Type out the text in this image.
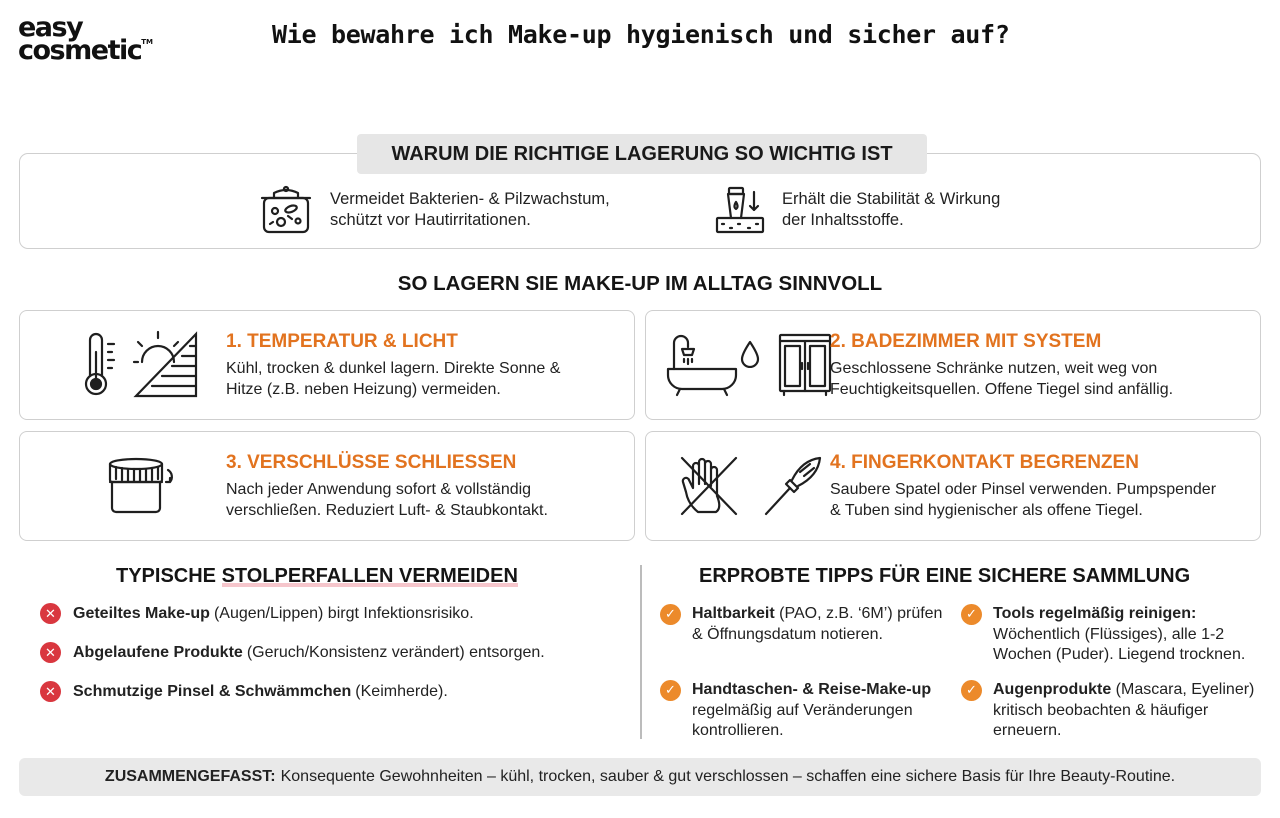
easy
cosmetic™	Wie bewahre ich Make-up hygienisch und sicher auf?
WARUM DIE RICHTIGE LAGERUNG SO WICHTIG IST
Vermeidet Bakterien- & Pilzwachstum,
schützt vor Hautirritationen.
Erhält die Stabilität & Wirkung
der Inhaltsstoffe.
SO LAGERN SIE MAKE-UP IM ALLTAG SINNVOLL
1. TEMPERATUR & LICHT
Kühl, trocken & dunkel lagern. Direkte Sonne &
Hitze (z.B. neben Heizung) vermeiden.
2. BADEZIMMER MIT SYSTEM
Geschlossene Schränke nutzen, weit weg von
Feuchtigkeitsquellen. Offene Tiegel sind anfällig.
3. VERSCHLÜSSE SCHLIESSEN
Nach jeder Anwendung sofort & vollständig
verschließen. Reduziert Luft- & Staubkontakt.
4. FINGERKONTAKT BEGRENZEN
Saubere Spatel oder Pinsel verwenden. Pumpspender
& Tuben sind hygienischer als offene Tiegel.
TYPISCHE STOLPERFALLEN VERMEIDEN
✕	Geteiltes Make-up (Augen/Lippen) birgt Infektionsrisiko.
✕	Abgelaufene Produkte (Geruch/Konsistenz verändert) entsorgen.
✕	Schmutzige Pinsel & Schwämmchen (Keimherde).
ERPROBTE TIPPS FÜR EINE SICHERE SAMMLUNG
✓	Haltbarkeit (PAO, z.B. ‘6M’) prüfen
& Öffnungsdatum notieren.
✓	Tools regelmäßig reinigen:
Wöchentlich (Flüssiges), alle 1-2
Wochen (Puder). Liegend trocknen.
✓	Handtaschen- & Reise-Make-up
regelmäßig auf Veränderungen
kontrollieren.
✓	Augenprodukte (Mascara, Eyeliner)
kritisch beobachten & häufiger
erneuern.
ZUSAMMENGEFASST: Konsequente Gewohnheiten – kühl, trocken, sauber & gut verschlossen – schaffen eine sichere Basis für Ihre Beauty-Routine.
